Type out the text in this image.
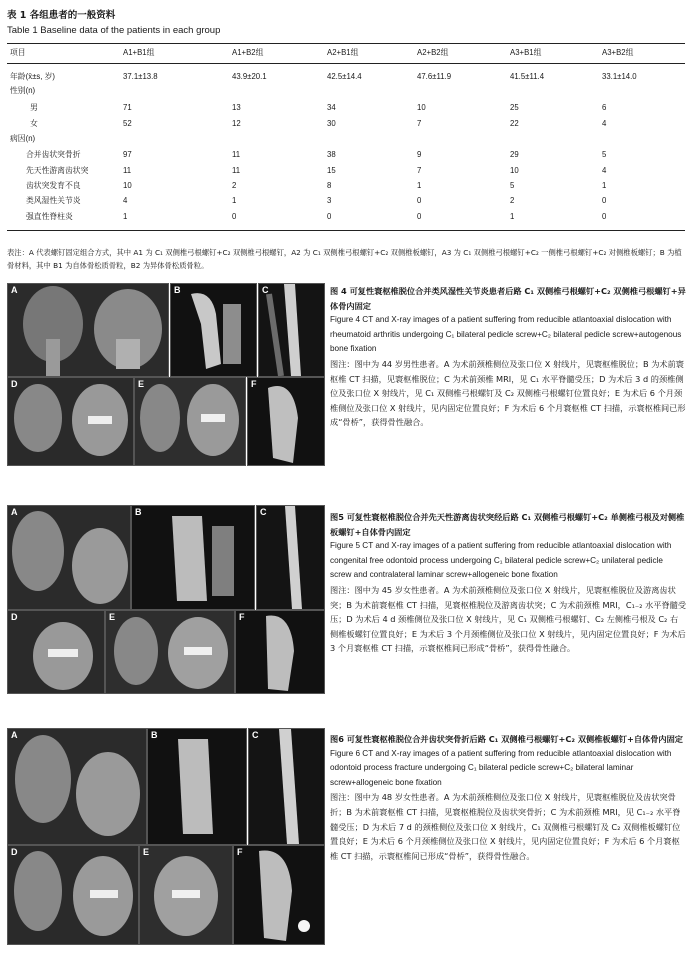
表 1 各组患者的一般资料
Table 1 Baseline data of the patients in each group
项目	A1+B1组	A1+B2组	A2+B1组	A2+B2组	A3+B1组	A3+B2组
年龄(x̄±s, 岁)	37.1±13.8	43.9±20.1	42.5±14.4	47.6±11.9	41.5±11.4	33.1±14.0
性别(n)
男	71	13	34	10	25	6
女	52	12	30	7	22	4
病因(n)
合并齿状突骨折	97	11	38	9	29	5
先天性游离齿状突	11	11	15	7	10	4
齿状突发育不良	10	2	8	1	5	1
类风湿性关节炎	4	1	3	0	2	0
强直性脊柱炎	1	0	0	0	1	0
表注：A 代表螺钉固定组合方式，其中 A1 为 C₁ 双侧椎弓根螺钉+C₂ 双侧椎弓根螺钉，A2 为 C₁ 双侧椎弓根螺钉+C₂ 双侧椎板螺钉，A3 为 C₁ 双侧椎弓根螺钉+C₂ 一侧椎弓根螺钉+C₂ 对侧椎板螺钉；B 为植骨材料，其中 B1 为自体骨松质骨粒，B2 为异体骨松质骨粒。
A	B	C
D	E	F
图 4 可复性寰枢椎脱位合并类风湿性关节炎患者后路 C₁ 双侧椎弓根螺钉+C₂ 双侧椎弓根螺钉+异体骨内固定
Figure 4 CT and X-ray images of a patient suffering from reducible atlantoaxial dislocation with rheumatoid arthritis undergoing C₁ bilateral pedicle screw+C₂ bilateral pedicle screw+autogenous bone fixation
图注：图中为 44 岁男性患者。A 为术前颈椎侧位及张口位 X 射线片，见寰枢椎脱位；B 为术前寰枢椎 CT 扫描，见寰枢椎脱位；C 为术前颈椎 MRI，见 C₁ 水平脊髓受压；D 为术后 3 d 的颈椎侧位及张口位 X 射线片，见 C₁ 双侧椎弓根螺钉及 C₂ 双侧椎弓根螺钉位置良好；E 为术后 6 个月颈椎侧位及张口位 X 射线片，见内固定位置良好；F 为术后 6 个月寰枢椎 CT 扫描，示寰枢椎间已形成“骨桥”，获得骨性融合。
A	B	C
D	E	F
图5 可复性寰枢椎脱位合并先天性游离齿状突经后路 C₁ 双侧椎弓根螺钉+C₂ 单侧椎弓根及对侧椎板螺钉+自体骨内固定
Figure 5 CT and X-ray images of a patient suffering from reducible atlantoaxial dislocation with congenital free odontoid process undergoing C₁ bilateral pedicle screw+C₂ unilateral pedicle screw and contralateral laminar screw+allogeneic bone fixation
图注：图中为 45 岁女性患者。A 为术前颈椎侧位及张口位 X 射线片，见寰枢椎脱位及游离齿状突；B 为术前寰枢椎 CT 扫描，见寰枢椎脱位及游离齿状突；C 为术前颈椎 MRI，C₁₋₂ 水平脊髓受压；D 为术后 4 d 颈椎侧位及张口位 X 射线片，见 C₁ 双侧椎弓根螺钉、C₂ 左侧椎弓根及 C₂ 右侧椎板螺钉位置良好；E 为术后 3 个月颈椎侧位及张口位 X 射线片，见内固定位置良好；F 为术后 3 个月寰枢椎 CT 扫描，示寰枢椎间已形成“骨桥”，获得骨性融合。
A	B	C
D	E	F
图6 可复性寰枢椎脱位合并齿状突骨折后路 C₁ 双侧椎弓根螺钉+C₂ 双侧椎板螺钉+自体骨内固定
Figure 6 CT and X-ray images of a patient suffering from reducible atlantoaxial dislocation with odontoid process fracture undergoing C₁ bilateral pedicle screw+C₂ bilateral laminar screw+allogeneic bone fixation
图注：图中为 48 岁女性患者。A 为术前颈椎侧位及张口位 X 射线片，见寰枢椎脱位及齿状突骨折；B 为术前寰枢椎 CT 扫描，见寰枢椎脱位及齿状突骨折；C 为术前颈椎 MRI，见 C₁₋₂ 水平脊髓受压；D 为术后 7 d 的颈椎侧位及张口位 X 射线片，C₁ 双侧椎弓根螺钉及 C₂ 双侧椎板螺钉位置良好；E 为术后 6 个月颈椎侧位及张口位 X 射线片，见内固定位置良好；F 为术后 6 个月寰枢椎 CT 扫描，示寰枢椎间已形成“骨桥”，获得骨性融合。
